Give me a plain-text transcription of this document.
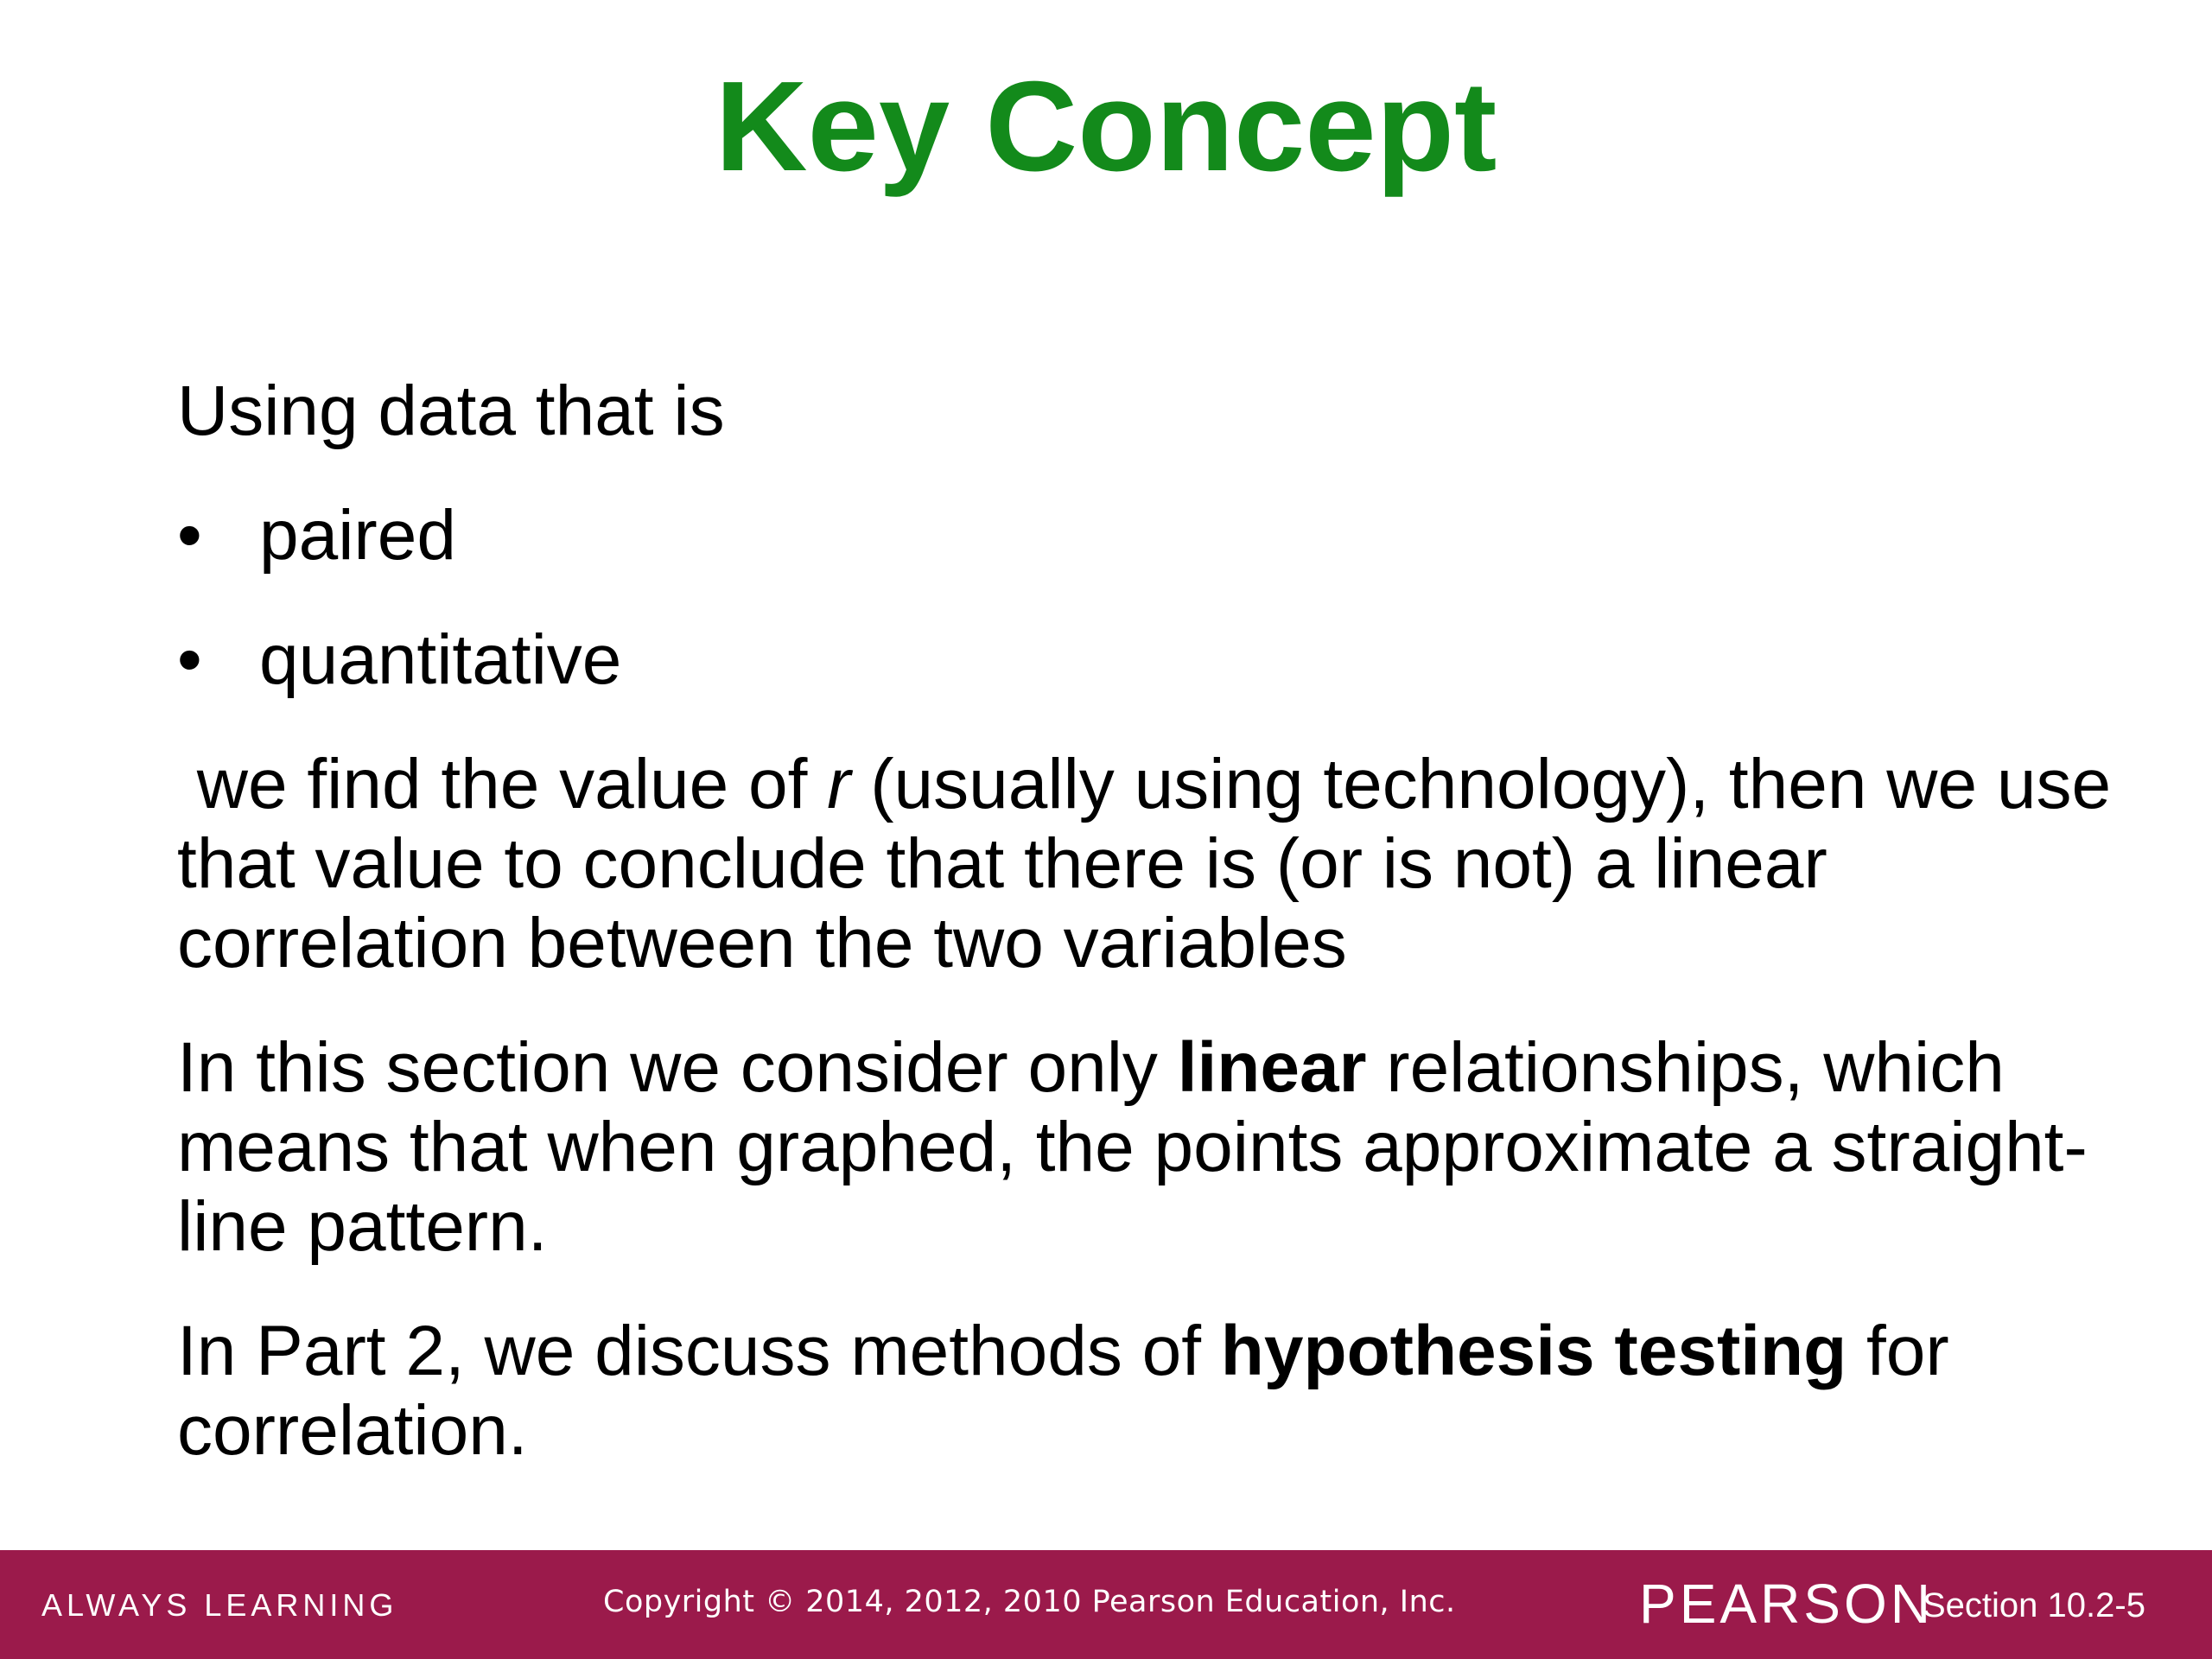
Key Concept

Using data that is

• paired
• quantitative

we find the value of r (usually using technology), then we use that value to conclude that there is (or is not) a linear correlation between the two variables

In this section we consider only linear relationships, which means that when graphed, the points approximate a straight-line pattern.

In Part 2, we discuss methods of hypothesis testing for correlation.

ALWAYS LEARNING	Copyright © 2014, 2012, 2010 Pearson Education, Inc.	PEARSON
Section 10.2-5
